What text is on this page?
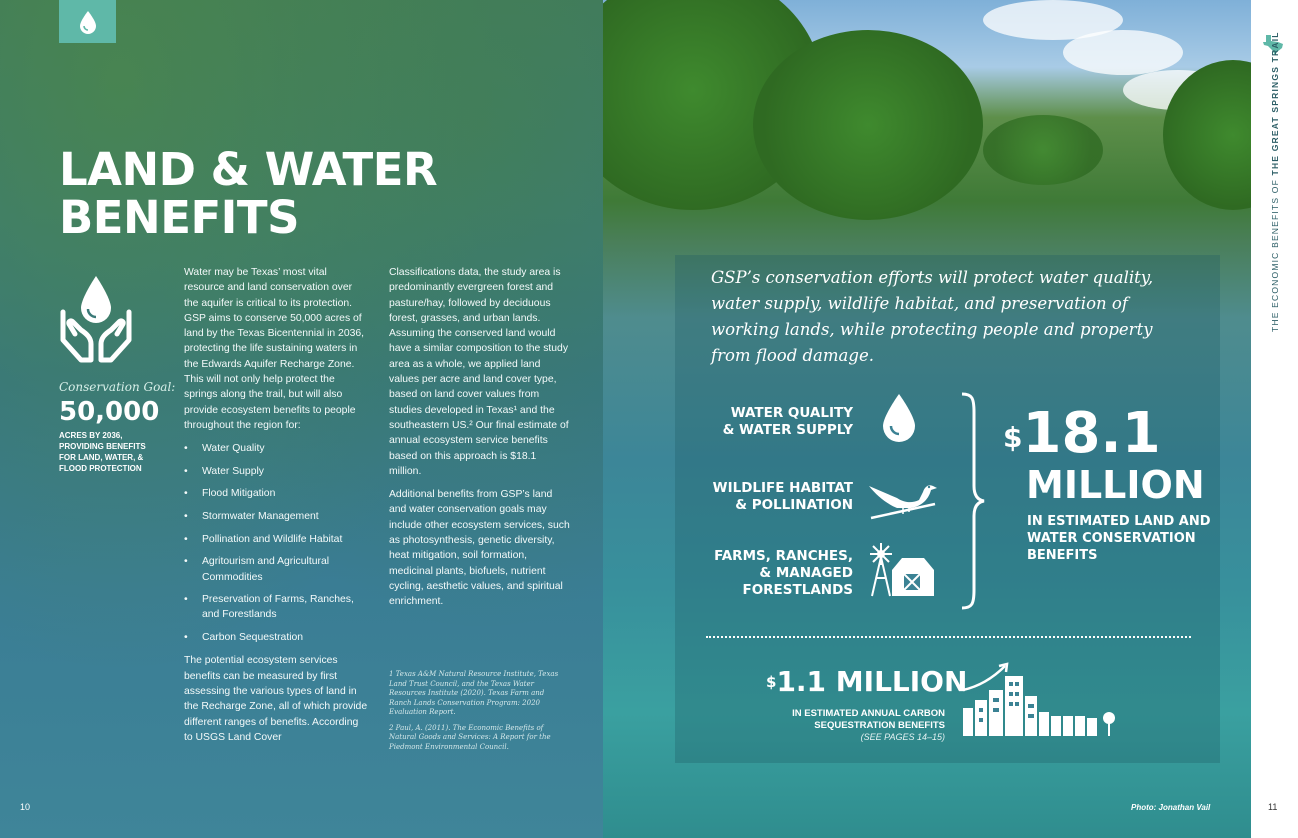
LAND & WATER BENEFITS
Conservation Goal:
50,000
ACRES BY 2036, PROVIDING BENEFITS FOR LAND, WATER, & FLOOD PROTECTION

Water may be Texas’ most vital resource and land conservation over the aquifer is critical to its protection. GSP aims to conserve 50,000 acres of land by the Texas Bicentennial in 2036, protecting the life sustaining waters in the Edwards Aquifer Recharge Zone. This will not only help protect the springs along the trail, but will also provide ecosystem benefits to people throughout the region for:

• Water Quality
• Water Supply
• Flood Mitigation
• Stormwater Management
• Pollination and Wildlife Habitat
• Agritourism and Agricultural Commodities
• Preservation of Farms, Ranches, and Forestlands
• Carbon Sequestration

The potential ecosystem services benefits can be measured by first assessing the various types of land in the Recharge Zone, all of which provide different ranges of benefits. According to USGS Land Cover

Classifications data, the study area is predominantly evergreen forest and pasture/hay, followed by deciduous forest, grasses, and urban lands. Assuming the conserved land would have a similar composition to the study area as a whole, we applied land values per acre and land cover type, based on land cover values from studies developed in Texas¹ and the southeastern US.² Our final estimate of annual ecosystem service benefits based on this approach is $18.1 million.

Additional benefits from GSP’s land and water conservation goals may include other ecosystem services, such as photosynthesis, genetic diversity, heat mitigation, soil formation, medicinal plants, biofuels, nutrient cycling, aesthetic values, and spiritual enrichment.

1 Texas A&M Natural Resource Institute, Texas Land Trust Council, and the Texas Water Resources Institute (2020). Texas Farm and Ranch Lands Conservation Program: 2020 Evaluation Report.

2 Paul, A. (2011). The Economic Benefits of Natural Goods and Services: A Report for the Piedmont Environmental Council.

10
GSP’s conservation efforts will protect water quality, water supply, wildlife habitat, and preservation of working lands, while protecting people and property from flood damage.
WATER QUALITY
& WATER SUPPLY
WILDLIFE HABITAT
& POLLINATION
FARMS, RANCHES,
& MANAGED
FORESTLANDS
$18.1
MILLION
IN ESTIMATED LAND AND WATER CONSERVATION BENEFITS
$1.1 MILLION
IN ESTIMATED ANNUAL CARBON SEQUESTRATION BENEFITS
(SEE PAGES 14–15)
Photo: Jonathan Vail
THE ECONOMIC BENEFITS OF THE GREAT SPRINGS TRAIL
11
